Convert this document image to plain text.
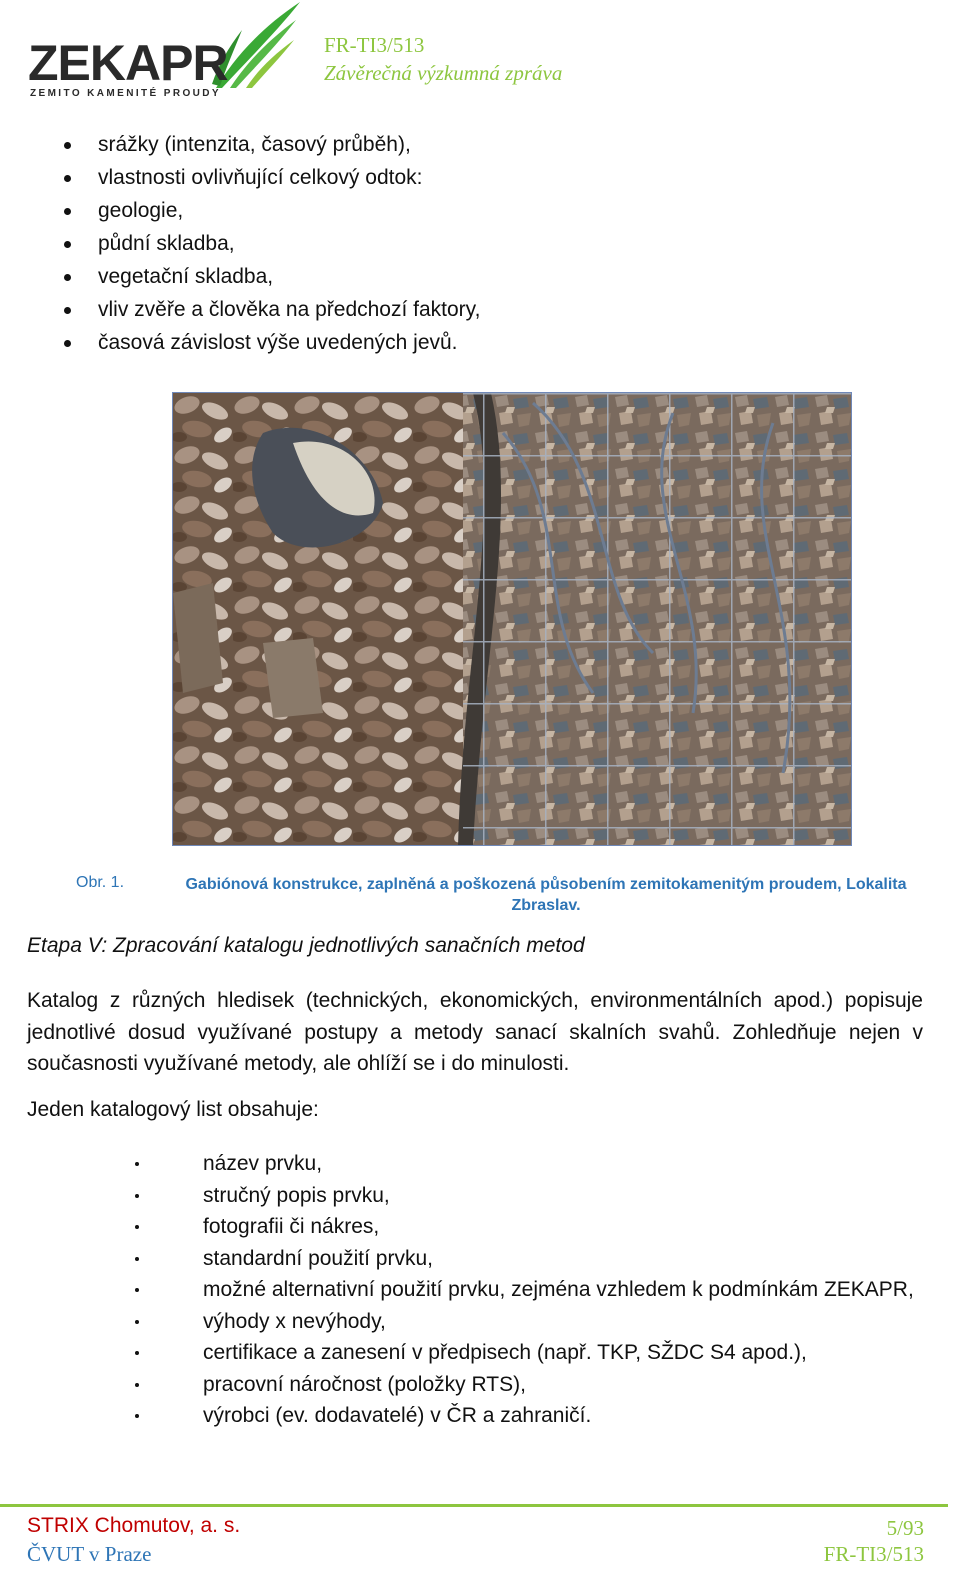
ZEKAPR
ZEMITO KAMENITÉ PROUDY
FR-TI3/513
Závěrečná výzkumná zpráva
srážky (intenzita, časový průběh),
vlastnosti ovlivňující celkový odtok:
geologie,
půdní skladba,
vegetační skladba,
vliv zvěře a člověka na předchozí faktory,
časová závislost výše uvedených jevů.
Obr. 1.	Gabiónová konstrukce, zaplněná a poškozená působením zemitokamenitým proudem, Lokalita Zbraslav.
Etapa V: Zpracování katalogu jednotlivých sanačních metod
Katalog z různých hledisek (technických, ekonomických, environmentálních apod.) popisuje jednotlivé dosud využívané postupy a metody sanací skalních svahů. Zohledňuje nejen v současnosti využívané metody, ale ohlíží se i do minulosti.
Jeden katalogový list obsahuje:
název prvku,
stručný popis prvku,
fotografii či nákres,
standardní použití prvku,
možné alternativní použití prvku, zejména vzhledem k podmínkám ZEKAPR,
výhody x nevýhody,
certifikace a zanesení v předpisech (např. TKP, SŽDC S4 apod.),
pracovní náročnost (položky RTS),
výrobci (ev. dodavatelé) v ČR a zahraničí.
STRIX Chomutov, a. s.
ČVUT v Praze
5/93
FR-TI3/513
